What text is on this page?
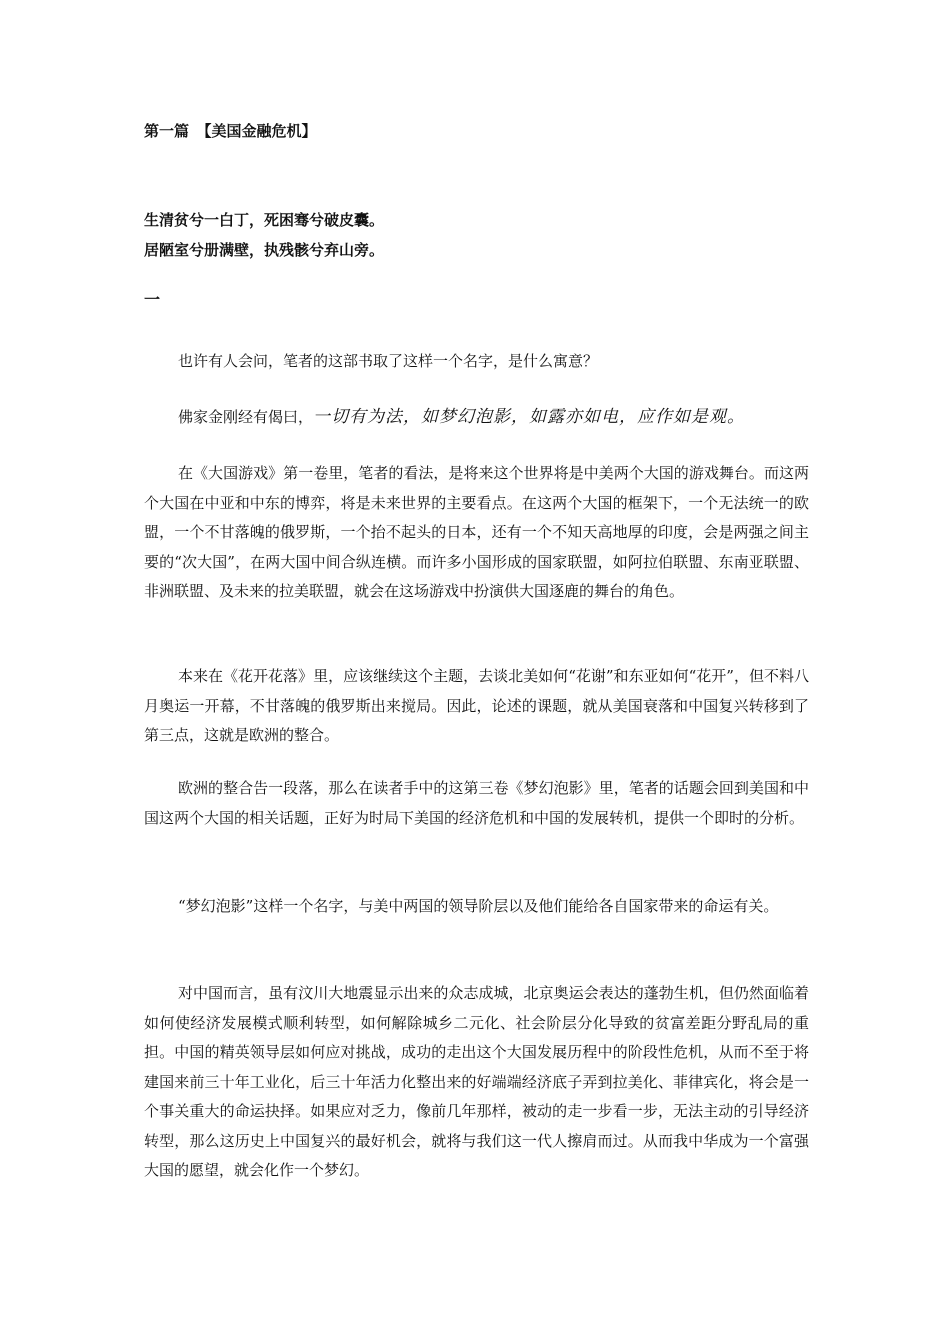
第一篇　【美国金融危机】
生清贫兮一白丁，死困骞兮破皮囊。
居陋室兮册满壁，执残骸兮弃山旁。
一

也许有人会问，笔者的这部书取了这样一个名字，是什么寓意？

佛家金刚经有偈曰，一切有为法，如梦幻泡影，如露亦如电，应作如是观。

在《大国游戏》第一卷里，笔者的看法，是将来这个世界将是中美两个大国的游戏舞台。而这两个大国在中亚和中东的博弈，将是未来世界的主要看点。在这两个大国的框架下，一个无法统一的欧盟，一个不甘落魄的俄罗斯，一个抬不起头的日本，还有一个不知天高地厚的印度，会是两强之间主要的“次大国”，在两大国中间合纵连横。而许多小国形成的国家联盟，如阿拉伯联盟、东南亚联盟、非洲联盟、及未来的拉美联盟，就会在这场游戏中扮演供大国逐鹿的舞台的角色。

本来在《花开花落》里，应该继续这个主题，去谈北美如何“花谢”和东亚如何“花开”，但不料八月奥运一开幕，不甘落魄的俄罗斯出来搅局。因此，论述的课题，就从美国衰落和中国复兴转移到了第三点，这就是欧洲的整合。

欧洲的整合告一段落，那么在读者手中的这第三卷《梦幻泡影》里，笔者的话题会回到美国和中国这两个大国的相关话题，正好为时局下美国的经济危机和中国的发展转机，提供一个即时的分析。

“梦幻泡影”这样一个名字，与美中两国的领导阶层以及他们能给各自国家带来的命运有关。

对中国而言，虽有汶川大地震显示出来的众志成城，北京奥运会表达的蓬勃生机，但仍然面临着如何使经济发展模式顺利转型，如何解除城乡二元化、社会阶层分化导致的贫富差距分野乱局的重担。中国的精英领导层如何应对挑战，成功的走出这个大国发展历程中的阶段性危机，从而不至于将建国来前三十年工业化，后三十年活力化整出来的好端端经济底子弄到拉美化、菲律宾化，将会是一个事关重大的命运抉择。如果应对乏力，像前几年那样，被动的走一步看一步，无法主动的引导经济转型，那么这历史上中国复兴的最好机会，就将与我们这一代人擦肩而过。从而我中华成为一个富强大国的愿望，就会化作一个梦幻。
